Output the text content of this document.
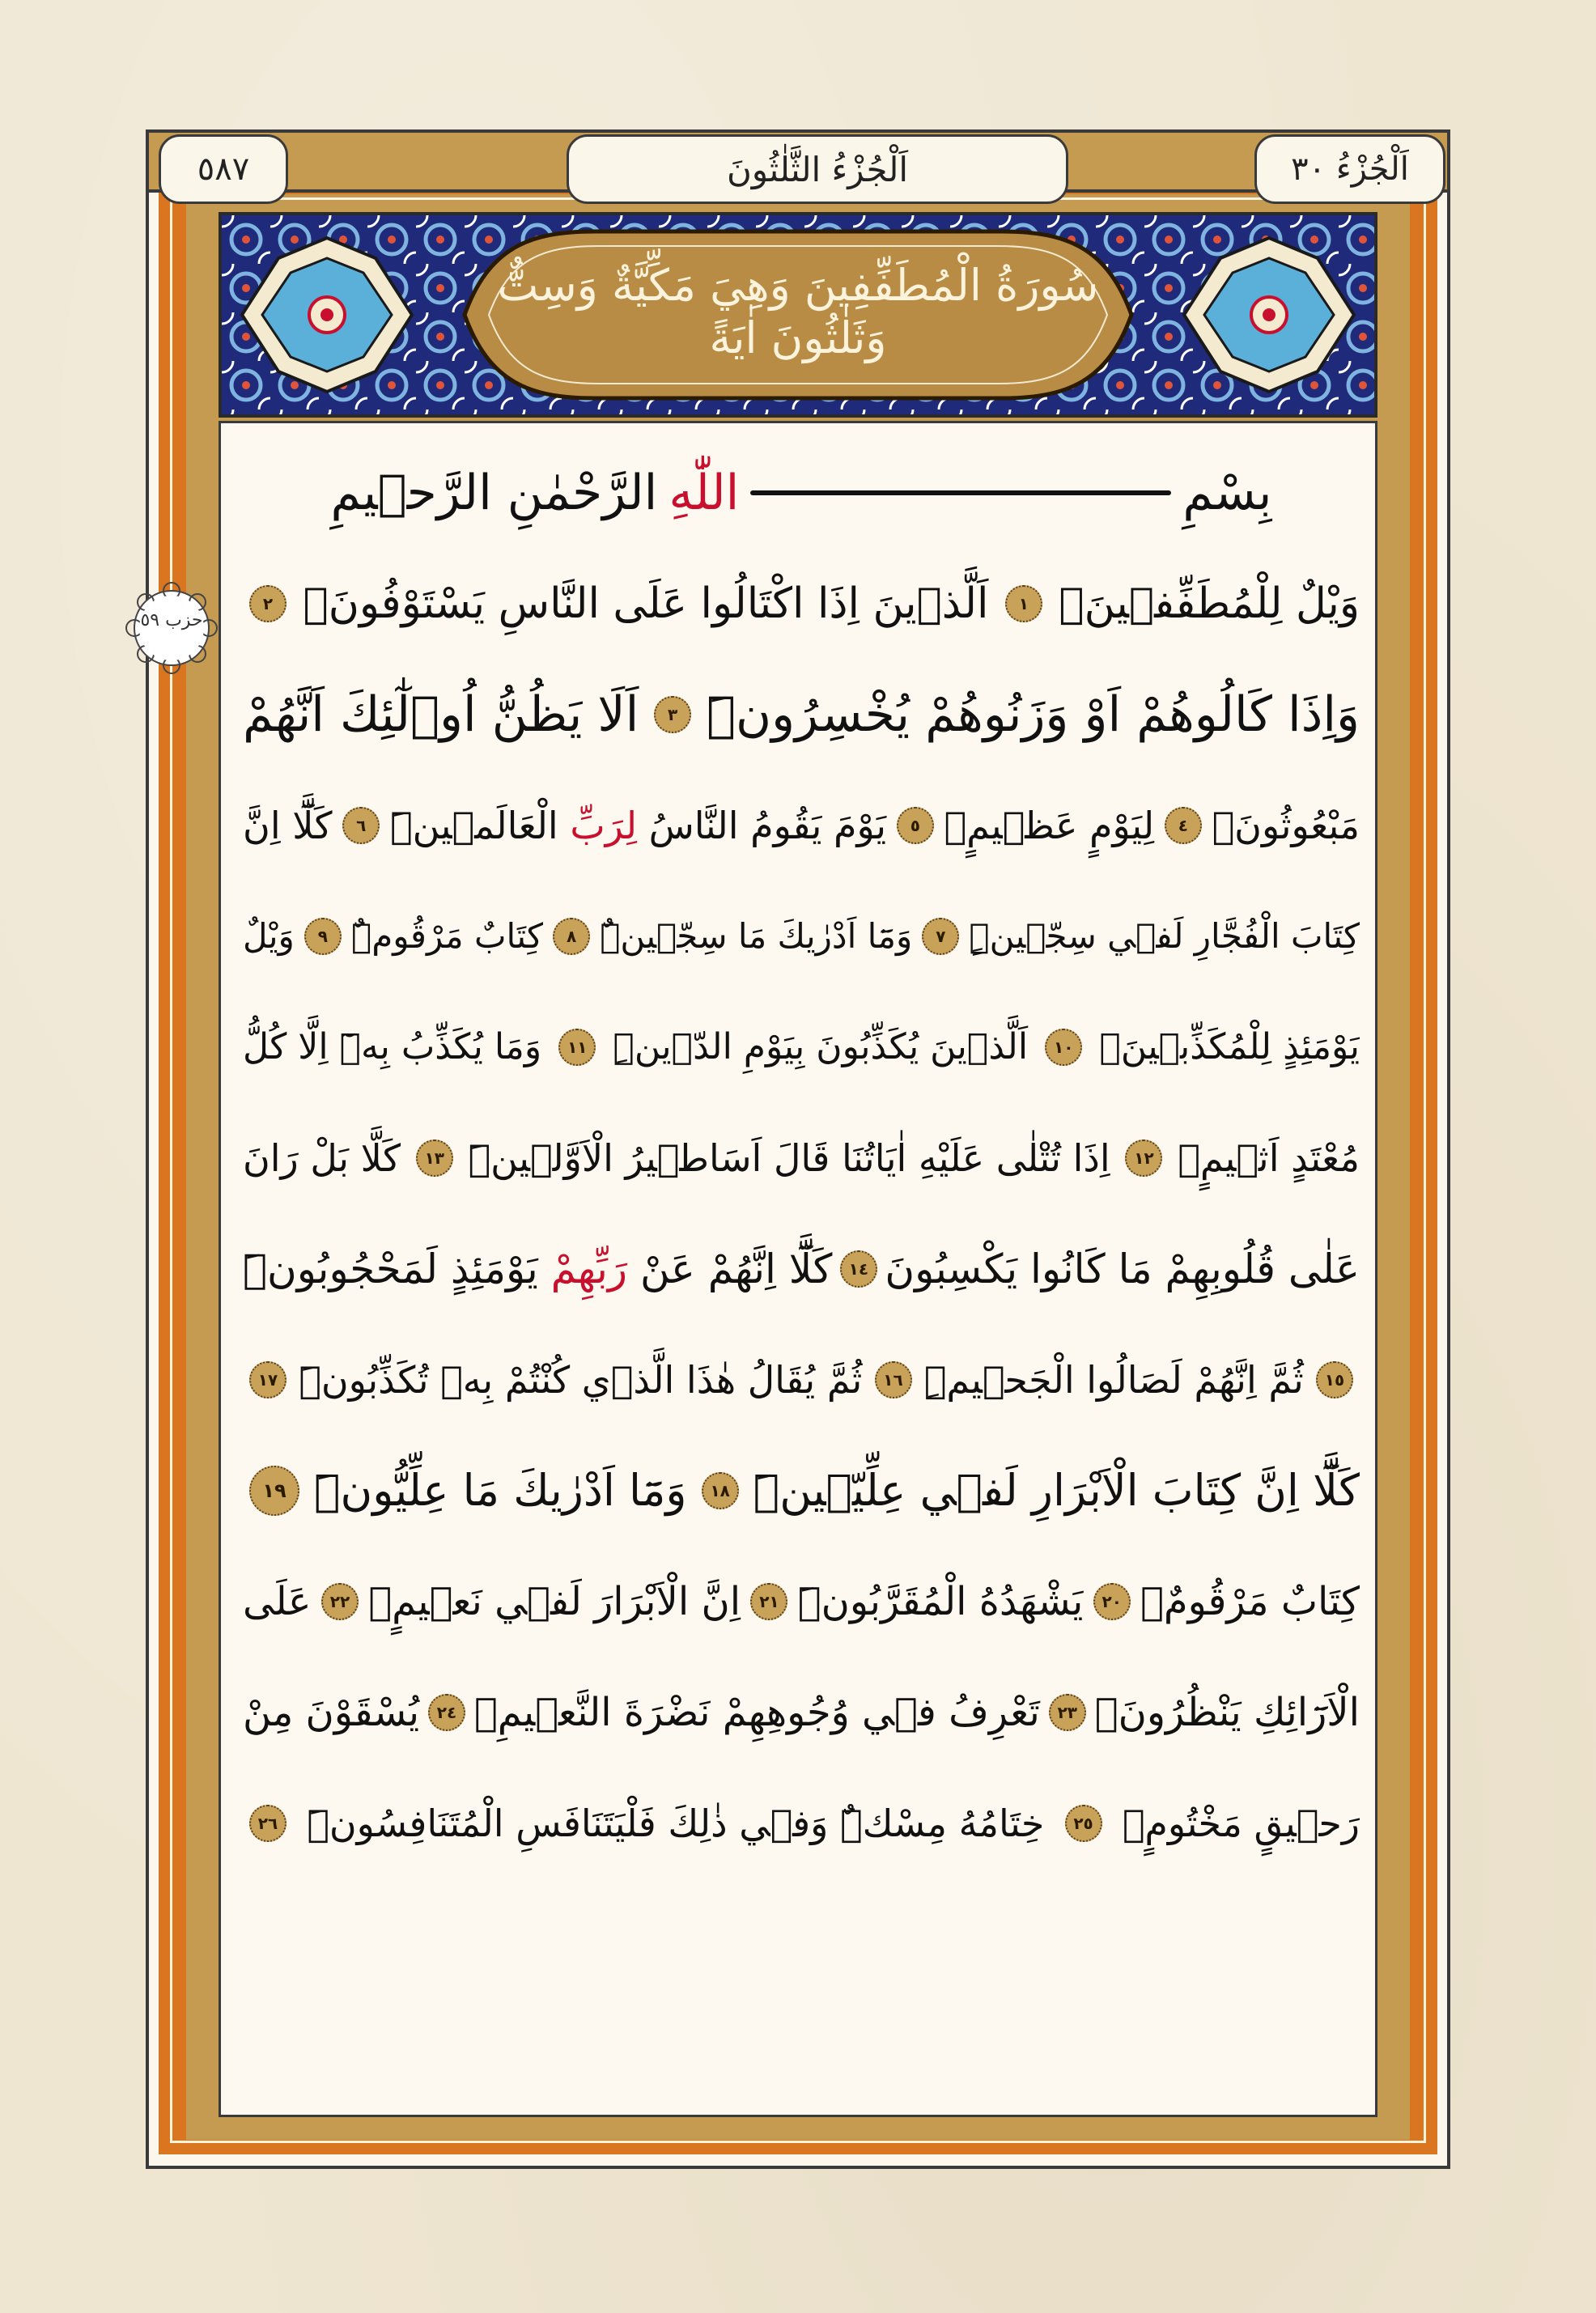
٥٨٧	اَلْجُزْءُ الثَّلٰثُونَ	اَلْجُزْءُ ٣٠
سُورَةُ الْمُطَفِّفِينَ وَهِيَ مَكِّيَّةٌ وَسِتٌّ وَثَلٰثُونَ اٰيَةً
حزب ٥٩
بِسْمِ
اللّٰهِ
الرَّحْمٰنِ الرَّح۪يمِ
وَيْلٌ لِلْمُطَفِّف۪ينَۙ
١
اَلَّذ۪ينَ اِذَا اكْتَالُوا عَلَى النَّاسِ يَسْتَوْفُونَۘ
٢
وَاِذَا كَالُوهُمْ اَوْ وَزَنُوهُمْ يُخْسِرُونَۜ
٣
اَلَا يَظُنُّ اُو۬لٰٓئِكَ اَنَّهُمْ
مَبْعُوثُونَۙ
٤
لِيَوْمٍ عَظ۪يمٍۙ
٥
يَوْمَ يَقُومُ النَّاسُ لِرَبِّ الْعَالَم۪ينَۜ
٦
كَلَّٓا اِنَّ
كِتَابَ الْفُجَّارِ لَف۪ي سِجّ۪ينٍۜ
٧
وَمَٓا اَدْرٰيكَ مَا سِجّ۪ينٌۜ
٨
كِتَابٌ مَرْقُومٌۜ
٩
وَيْلٌ
يَوْمَئِذٍ لِلْمُكَذِّب۪ينَۙ
١٠
اَلَّذ۪ينَ يُكَذِّبُونَ بِيَوْمِ الدّ۪ينِۜ
١١
وَمَا يُكَذِّبُ بِه۪ٓ اِلَّا كُلُّ
مُعْتَدٍ اَث۪يمٍۙ
١٢
اِذَا تُتْلٰى عَلَيْهِ اٰيَاتُنَا قَالَ اَسَاط۪يرُ الْاَوَّل۪ينَۜ
١٣
كَلَّا بَلْ رَانَ
عَلٰى قُلُوبِهِمْ مَا كَانُوا يَكْسِبُونَ
١٤
كَلَّٓا اِنَّهُمْ عَنْ رَبِّهِمْ يَوْمَئِذٍ لَمَحْجُوبُونَۜ
١٥
ثُمَّ اِنَّهُمْ لَصَالُوا الْجَح۪يمِۜ
١٦
ثُمَّ يُقَالُ هٰذَا الَّذ۪ي كُنْتُمْ بِه۪ تُكَذِّبُونَۜ
١٧
كَلَّٓا اِنَّ كِتَابَ الْاَبْرَارِ لَف۪ي عِلِّيّ۪ينَۜ
١٨
وَمَٓا اَدْرٰيكَ مَا عِلِّيُّونَۜ
١٩
كِتَابٌ مَرْقُومٌۙ
٢٠
يَشْهَدُهُ الْمُقَرَّبُونَۜ
٢١
اِنَّ الْاَبْرَارَ لَف۪ي نَع۪يمٍۙ
٢٢
عَلَى
الْاَرَٓائِكِ يَنْظُرُونَۙ
٢٣
تَعْرِفُ ف۪ي وُجُوهِهِمْ نَضْرَةَ النَّع۪يمِۚ
٢٤
يُسْقَوْنَ مِنْ
رَح۪يقٍ مَخْتُومٍۙ
٢٥
خِتَامُهُ مِسْكٌۜ وَف۪ي ذٰلِكَ فَلْيَتَنَافَسِ الْمُتَنَافِسُونَۜ
٢٦
